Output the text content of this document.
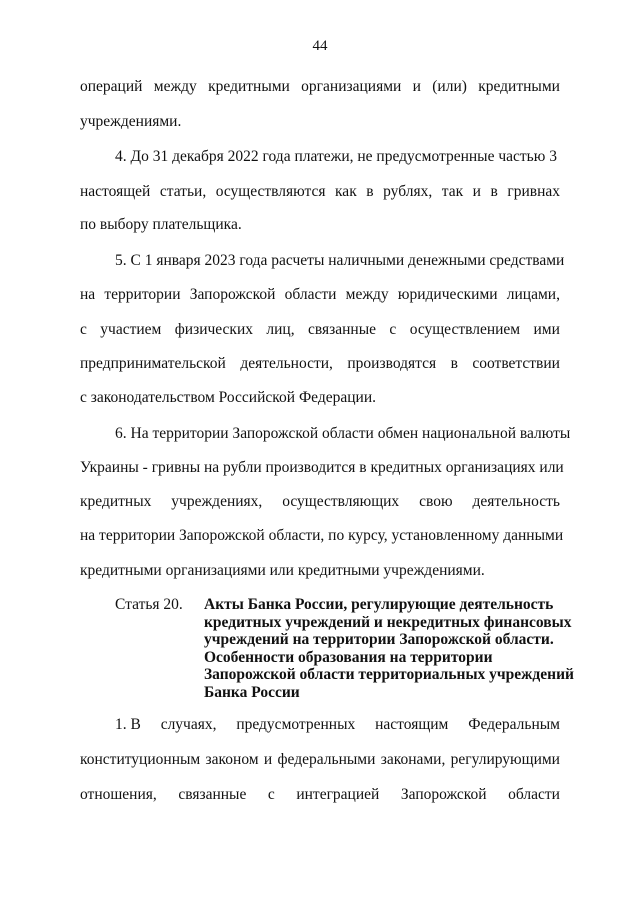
44
операций между кредитными организациями и (или) кредитными
учреждениями.
4. До 31 декабря 2022 года платежи, не предусмотренные частью 3
настоящей статьи, осуществляются как в рублях, так и в гривнах
по выбору плательщика.
5. С 1 января 2023 года расчеты наличными денежными средствами
на территории Запорожской области между юридическими лицами,
с участием физических лиц, связанные с осуществлением ими
предпринимательской деятельности, производятся в соответствии
с законодательством Российской Федерации.
6. На территории Запорожской области обмен национальной валюты
Украины - гривны на рубли производится в кредитных организациях или
кредитных учреждениях, осуществляющих свою деятельность
на территории Запорожской области, по курсу, установленному данными
кредитными организациями или кредитными учреждениями.
Статья 20. Акты Банка России, регулирующие деятельность
кредитных учреждений и некредитных финансовых
учреждений на территории Запорожской области.
Особенности образования на территории
Запорожской области территориальных учреждений
Банка России
1. В случаях, предусмотренных настоящим Федеральным
конституционным законом и федеральными законами, регулирующими
отношения, связанные с интеграцией Запорожской области
